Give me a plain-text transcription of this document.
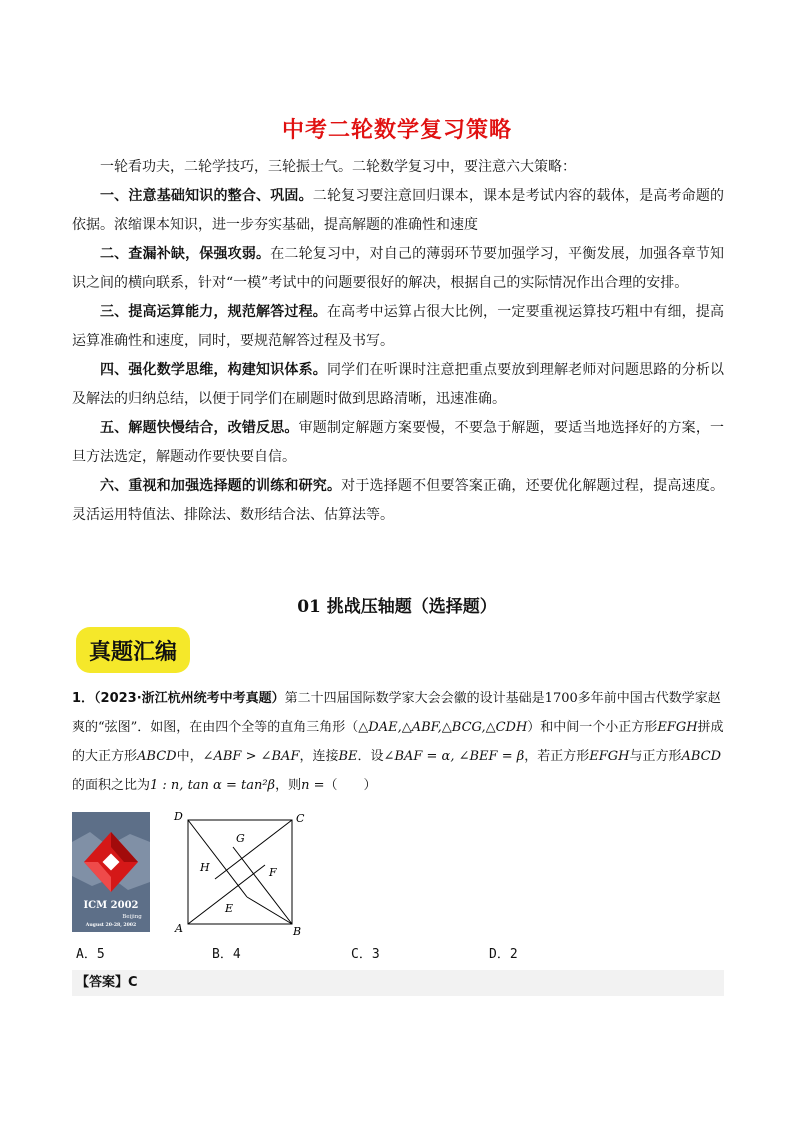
中考二轮数学复习策略

一轮看功夫，二轮学技巧，三轮振士气。二轮数学复习中，要注意六大策略：

一、注意基础知识的整合、巩固。二轮复习要注意回归课本，课本是考试内容的载体，是高考命题的依据。浓缩课本知识，进一步夯实基础，提高解题的准确性和速度

二、查漏补缺，保强攻弱。在二轮复习中，对自己的薄弱环节要加强学习，平衡发展，加强各章节知识之间的横向联系，针对“一模”考试中的问题要很好的解决，根据自己的实际情况作出合理的安排。

三、提高运算能力，规范解答过程。在高考中运算占很大比例，一定要重视运算技巧粗中有细，提高运算准确性和速度，同时，要规范解答过程及书写。

四、强化数学思维，构建知识体系。同学们在听课时注意把重点要放到理解老师对问题思路的分析以及解法的归纳总结，以便于同学们在刷题时做到思路清晰，迅速准确。

五、解题快慢结合，改错反思。审题制定解题方案要慢，不要急于解题，要适当地选择好的方案，一旦方法选定，解题动作要快要自信。

六、重视和加强选择题的训练和研究。对于选择题不但要答案正确，还要优化解题过程，提高速度。灵活运用特值法、排除法、数形结合法、估算法等。

01 挑战压轴题（选择题）
真题汇编

1．（2023·浙江杭州统考中考真题）第二十四届国际数学家大会会徽的设计基础是1700多年前中国古代数学家赵爽的“弦图”．如图，在由四个全等的直角三角形（△DAE,△ABF,△BCG,△CDH）和中间一个小正方形EFGH拼成的大正方形ABCD中，∠ABF > ∠BAF，连接BE．设∠BAF = α, ∠BEF = β，若正方形EFGH与正方形ABCD的面积之比为1 : n, tan α = tan²β，则n =（　　）

ICM 2002
Beijing
August 20-28, 2002
D	C
A	B
G
F
H
E
A．5	B．4	C．3	D．2
【答案】C
